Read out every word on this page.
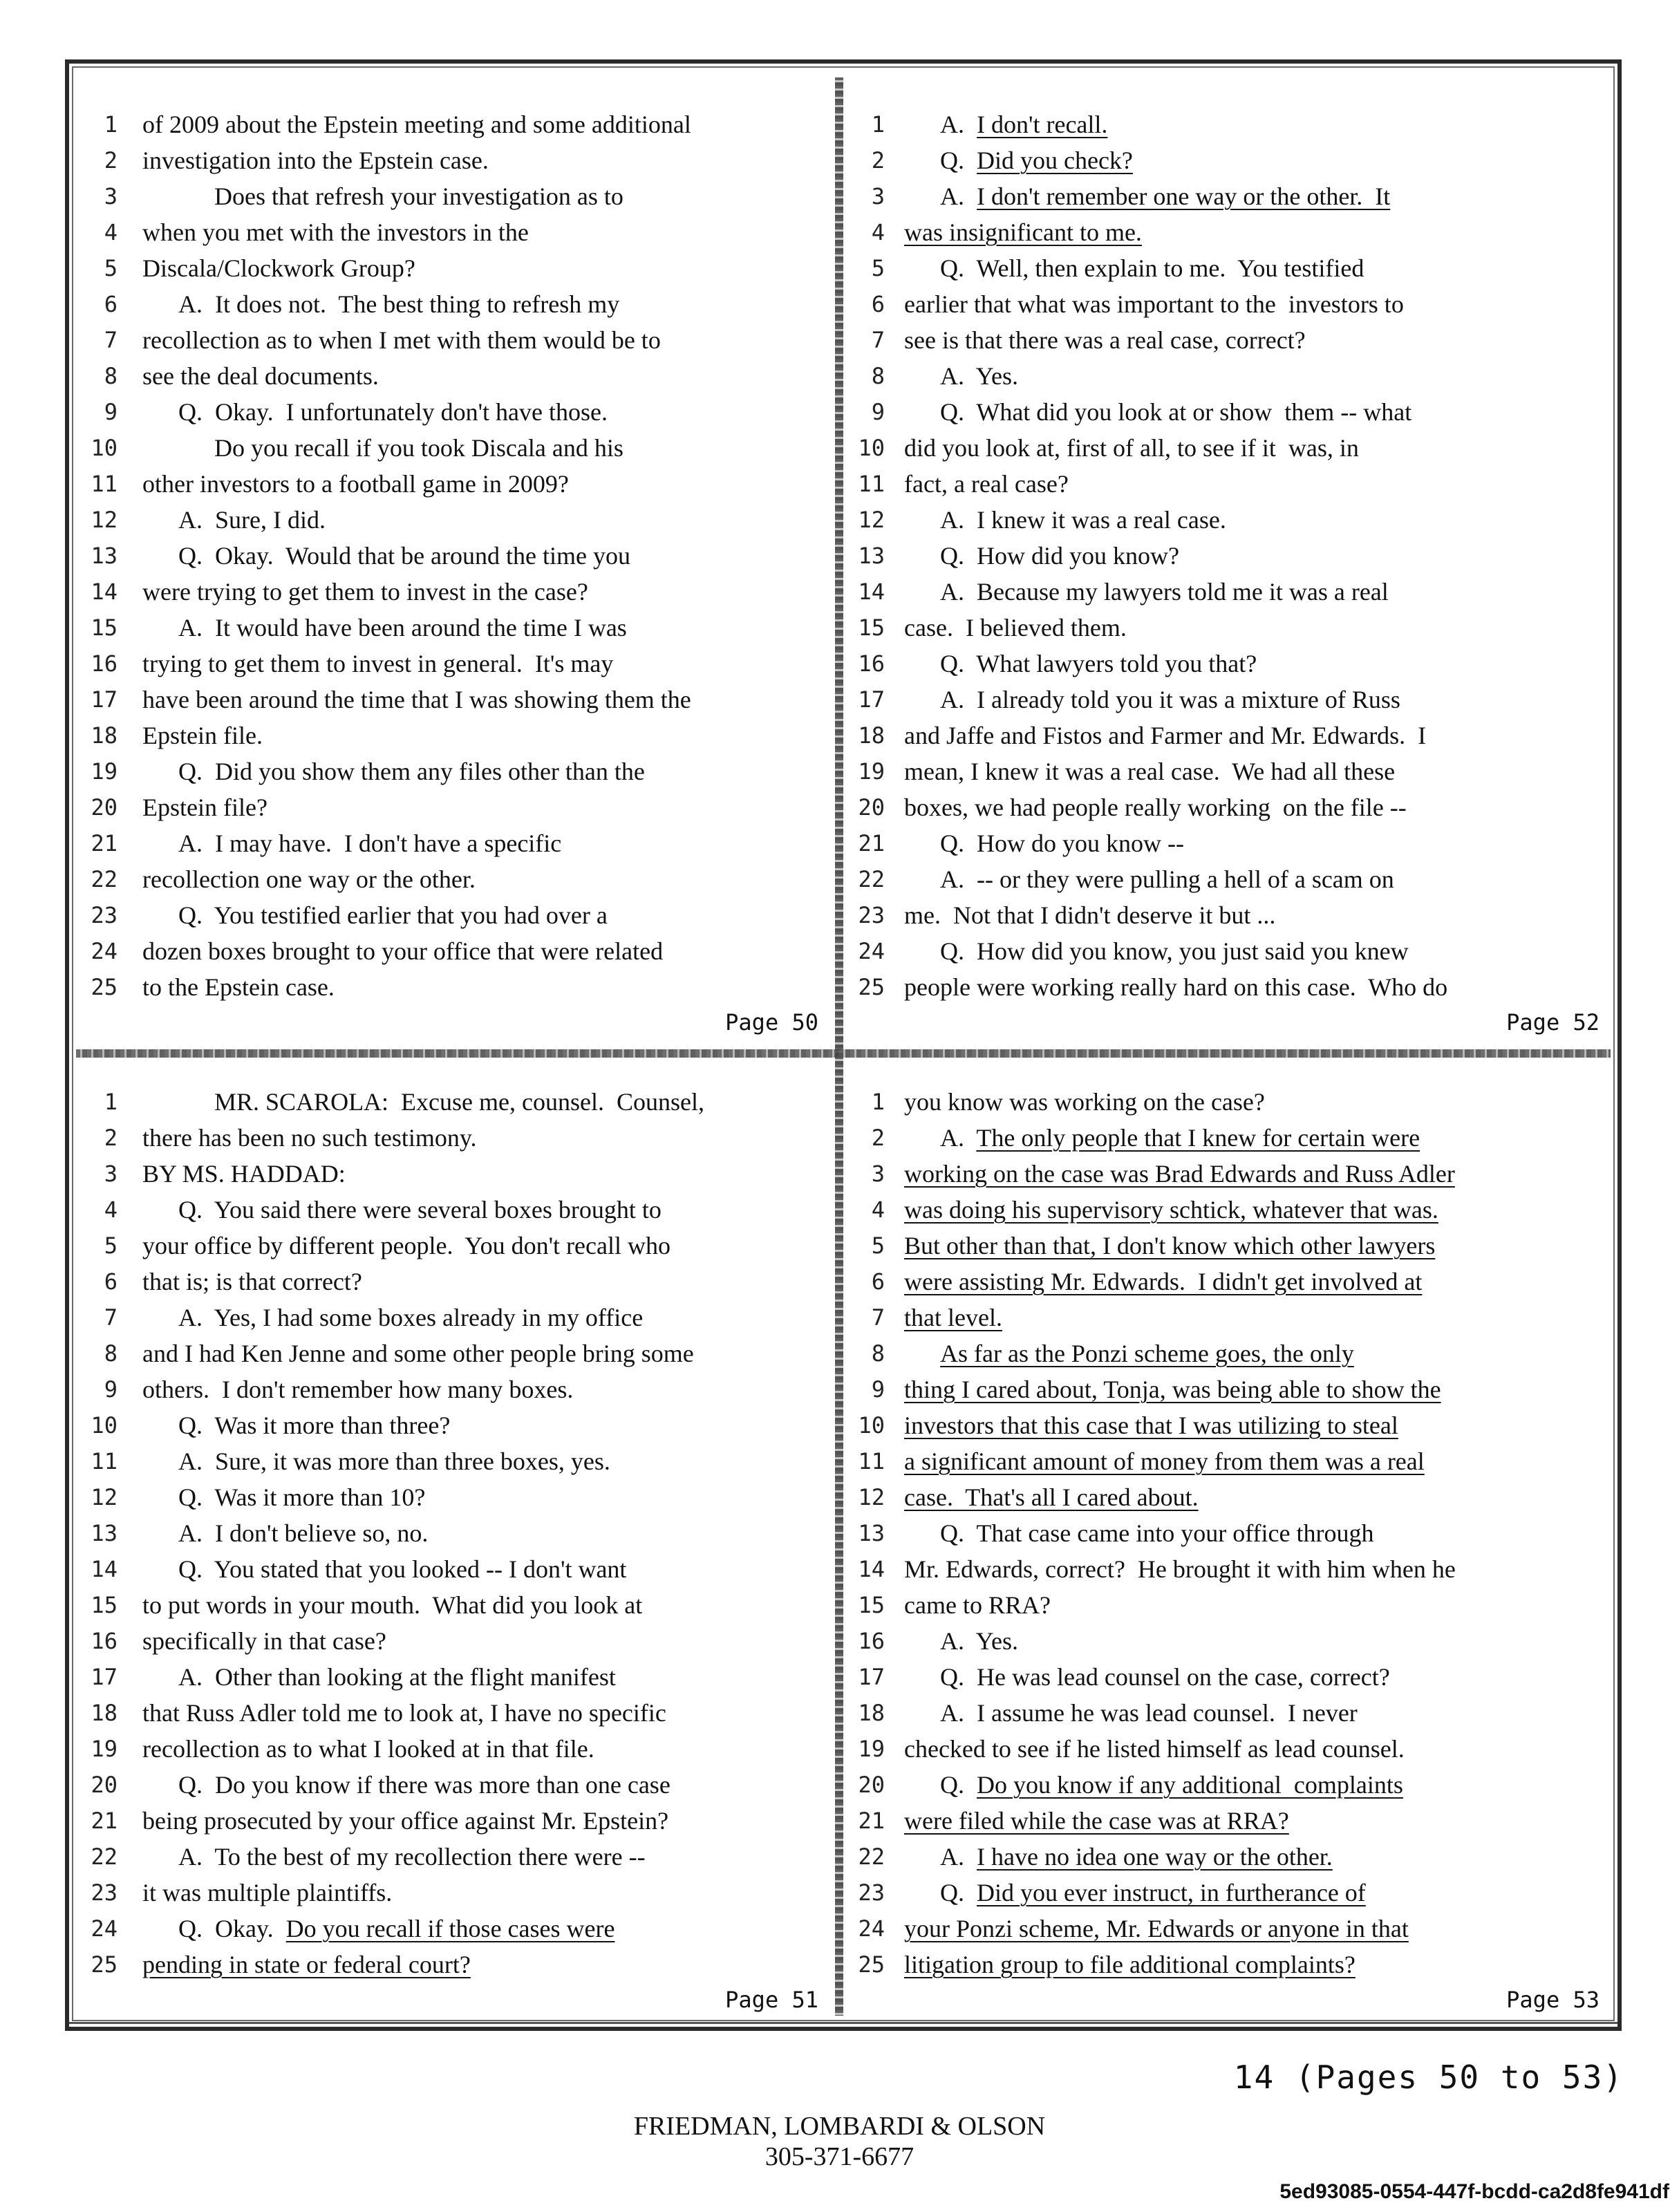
1 of 2009 about the Epstein meeting and some additional
2 investigation into the Epstein case.
3	Does that refresh your investigation as to
4 when you met with the investors in the
5 Discala/Clockwork Group?
6	A.  It does not.  The best thing to refresh my
7 recollection as to when I met with them would be to
8 see the deal documents.
9	Q.  Okay.  I unfortunately don't have those.
10	Do you recall if you took Discala and his
11 other investors to a football game in 2009?
12	A.  Sure, I did.
13	Q.  Okay.  Would that be around the time you
14 were trying to get them to invest in the case?
15	A.  It would have been around the time I was
16 trying to get them to invest in general.  It's may
17 have been around the time that I was showing them the
18 Epstein file.
19	Q.  Did you show them any files other than the
20 Epstein file?
21	A.  I may have.  I don't have a specific
22 recollection one way or the other.
23	Q.  You testified earlier that you had over a
24 dozen boxes brought to your office that were related
25 to the Epstein case.
Page 50
1	A.  I don't recall.
2	Q.  Did you check?
3	A.  I don't remember one way or the other.  It
4 was insignificant to me.
5	Q.  Well, then explain to me.  You testified
6 earlier that what was important to the  investors to
7 see is that there was a real case, correct?
8	A.  Yes.
9	Q.  What did you look at or show  them -- what
10 did you look at, first of all, to see if it  was, in
11 fact, a real case?
12	A.  I knew it was a real case.
13	Q.  How did you know?
14	A.  Because my lawyers told me it was a real
15 case.  I believed them.
16	Q.  What lawyers told you that?
17	A.  I already told you it was a mixture of Russ
18 and Jaffe and Fistos and Farmer and Mr. Edwards.  I
19 mean, I knew it was a real case.  We had all these
20 boxes, we had people really working  on the file --
21	Q.  How do you know --
22	A.  -- or they were pulling a hell of a scam on
23 me.  Not that I didn't deserve it but ...
24	Q.  How did you know, you just said you knew
25 people were working really hard on this case.  Who do
Page 52
1	MR. SCAROLA:  Excuse me, counsel.  Counsel,
2 there has been no such testimony.
3 BY MS. HADDAD:
4	Q.  You said there were several boxes brought to
5 your office by different people.  You don't recall who
6 that is; is that correct?
7	A.  Yes, I had some boxes already in my office
8 and I had Ken Jenne and some other people bring some
9 others.  I don't remember how many boxes.
10	Q.  Was it more than three?
11	A.  Sure, it was more than three boxes, yes.
12	Q.  Was it more than 10?
13	A.  I don't believe so, no.
14	Q.  You stated that you looked -- I don't want
15 to put words in your mouth.  What did you look at
16 specifically in that case?
17	A.  Other than looking at the flight manifest
18 that Russ Adler told me to look at, I have no specific
19 recollection as to what I looked at in that file.
20	Q.  Do you know if there was more than one case
21 being prosecuted by your office against Mr. Epstein?
22	A.  To the best of my recollection there were --
23 it was multiple plaintiffs.
24	Q.  Okay.  Do you recall if those cases were
25 pending in state or federal court?
Page 51
1 you know was working on the case?
2	A.  The only people that I knew for certain were
3 working on the case was Brad Edwards and Russ Adler
4 was doing his supervisory schtick, whatever that was.
5 But other than that, I don't know which other lawyers
6 were assisting Mr. Edwards.  I didn't get involved at
7 that level.
8	As far as the Ponzi scheme goes, the only
9 thing I cared about, Tonja, was being able to show the
10 investors that this case that I was utilizing to steal
11 a significant amount of money from them was a real
12 case.  That's all I cared about.
13	Q.  That case came into your office through
14 Mr. Edwards, correct?  He brought it with him when he
15 came to RRA?
16	A.  Yes.
17	Q.  He was lead counsel on the case, correct?
18	A.  I assume he was lead counsel.  I never
19 checked to see if he listed himself as lead counsel.
20	Q.  Do you know if any additional  complaints
21 were filed while the case was at RRA?
22	A.  I have no idea one way or the other.
23	Q.  Did you ever instruct, in furtherance of
24 your Ponzi scheme, Mr. Edwards or anyone in that
25 litigation group to file additional complaints?
Page 53
14 (Pages 50 to 53)
FRIEDMAN, LOMBARDI & OLSON
305-371-6677
5ed93085-0554-447f-bcdd-ca2d8fe941df
